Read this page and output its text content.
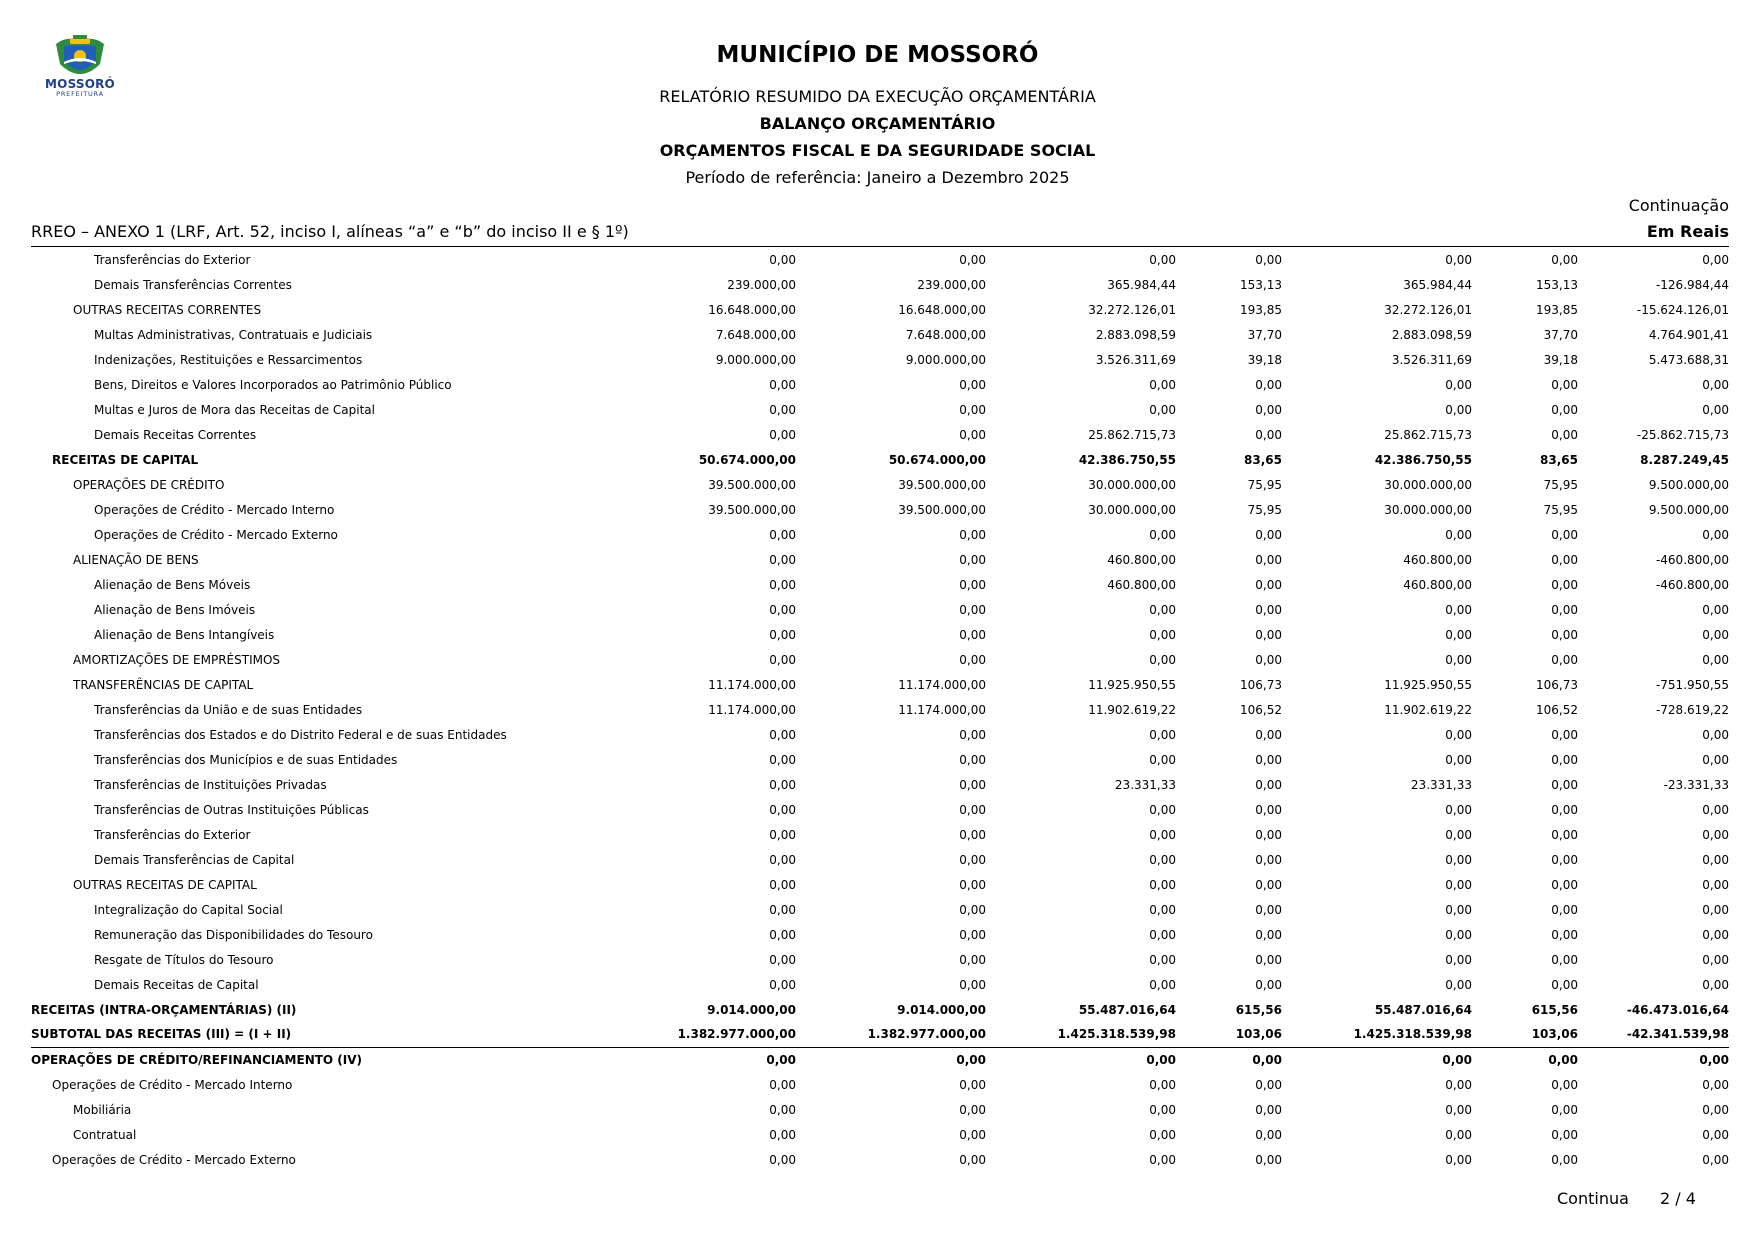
MOSSORÓ
PREFEITURA
MUNICÍPIO DE MOSSORÓ
RELATÓRIO RESUMIDO DA EXECUÇÃO ORÇAMENTÁRIA
BALANÇO ORÇAMENTÁRIO
ORÇAMENTOS FISCAL E DA SEGURIDADE SOCIAL
Período de referência: Janeiro a Dezembro 2025
Continuação
RREO – ANEXO 1 (LRF, Art. 52, inciso I, alíneas “a” e “b” do inciso II e § 1º)	Em Reais
Transferências do Exterior	0,00	0,00	0,00	0,00	0,00	0,00	0,00
Demais Transferências Correntes	239.000,00	239.000,00	365.984,44	153,13	365.984,44	153,13	-126.984,44
OUTRAS RECEITAS CORRENTES	16.648.000,00	16.648.000,00	32.272.126,01	193,85	32.272.126,01	193,85	-15.624.126,01
Multas Administrativas, Contratuais e Judiciais	7.648.000,00	7.648.000,00	2.883.098,59	37,70	2.883.098,59	37,70	4.764.901,41
Indenizações, Restituições e Ressarcimentos	9.000.000,00	9.000.000,00	3.526.311,69	39,18	3.526.311,69	39,18	5.473.688,31
Bens, Direitos e Valores Incorporados ao Patrimônio Público	0,00	0,00	0,00	0,00	0,00	0,00	0,00
Multas e Juros de Mora das Receitas de Capital	0,00	0,00	0,00	0,00	0,00	0,00	0,00
Demais Receitas Correntes	0,00	0,00	25.862.715,73	0,00	25.862.715,73	0,00	-25.862.715,73
RECEITAS DE CAPITAL	50.674.000,00	50.674.000,00	42.386.750,55	83,65	42.386.750,55	83,65	8.287.249,45
OPERAÇÕES DE CRÉDITO	39.500.000,00	39.500.000,00	30.000.000,00	75,95	30.000.000,00	75,95	9.500.000,00
Operações de Crédito - Mercado Interno	39.500.000,00	39.500.000,00	30.000.000,00	75,95	30.000.000,00	75,95	9.500.000,00
Operações de Crédito - Mercado Externo	0,00	0,00	0,00	0,00	0,00	0,00	0,00
ALIENAÇÃO DE BENS	0,00	0,00	460.800,00	0,00	460.800,00	0,00	-460.800,00
Alienação de Bens Móveis	0,00	0,00	460.800,00	0,00	460.800,00	0,00	-460.800,00
Alienação de Bens Imóveis	0,00	0,00	0,00	0,00	0,00	0,00	0,00
Alienação de Bens Intangíveis	0,00	0,00	0,00	0,00	0,00	0,00	0,00
AMORTIZAÇÕES DE EMPRÉSTIMOS	0,00	0,00	0,00	0,00	0,00	0,00	0,00
TRANSFERÊNCIAS DE CAPITAL	11.174.000,00	11.174.000,00	11.925.950,55	106,73	11.925.950,55	106,73	-751.950,55
Transferências da União e de suas Entidades	11.174.000,00	11.174.000,00	11.902.619,22	106,52	11.902.619,22	106,52	-728.619,22
Transferências dos Estados e do Distrito Federal e de suas Entidades	0,00	0,00	0,00	0,00	0,00	0,00	0,00
Transferências dos Municípios e de suas Entidades	0,00	0,00	0,00	0,00	0,00	0,00	0,00
Transferências de Instituições Privadas	0,00	0,00	23.331,33	0,00	23.331,33	0,00	-23.331,33
Transferências de Outras Instituições Públicas	0,00	0,00	0,00	0,00	0,00	0,00	0,00
Transferências do Exterior	0,00	0,00	0,00	0,00	0,00	0,00	0,00
Demais Transferências de Capital	0,00	0,00	0,00	0,00	0,00	0,00	0,00
OUTRAS RECEITAS DE CAPITAL	0,00	0,00	0,00	0,00	0,00	0,00	0,00
Integralização do Capital Social	0,00	0,00	0,00	0,00	0,00	0,00	0,00
Remuneração das Disponibilidades do Tesouro	0,00	0,00	0,00	0,00	0,00	0,00	0,00
Resgate de Títulos do Tesouro	0,00	0,00	0,00	0,00	0,00	0,00	0,00
Demais Receitas de Capital	0,00	0,00	0,00	0,00	0,00	0,00	0,00
RECEITAS (INTRA-ORÇAMENTÁRIAS) (II)	9.014.000,00	9.014.000,00	55.487.016,64	615,56	55.487.016,64	615,56	-46.473.016,64
SUBTOTAL DAS RECEITAS (III) = (I + II)	1.382.977.000,00	1.382.977.000,00	1.425.318.539,98	103,06	1.425.318.539,98	103,06	-42.341.539,98
OPERAÇÕES DE CRÉDITO/REFINANCIAMENTO (IV)	0,00	0,00	0,00	0,00	0,00	0,00	0,00
Operações de Crédito - Mercado Interno	0,00	0,00	0,00	0,00	0,00	0,00	0,00
Mobiliária	0,00	0,00	0,00	0,00	0,00	0,00	0,00
Contratual	0,00	0,00	0,00	0,00	0,00	0,00	0,00
Operações de Crédito - Mercado Externo	0,00	0,00	0,00	0,00	0,00	0,00	0,00
Continua 2 / 4
